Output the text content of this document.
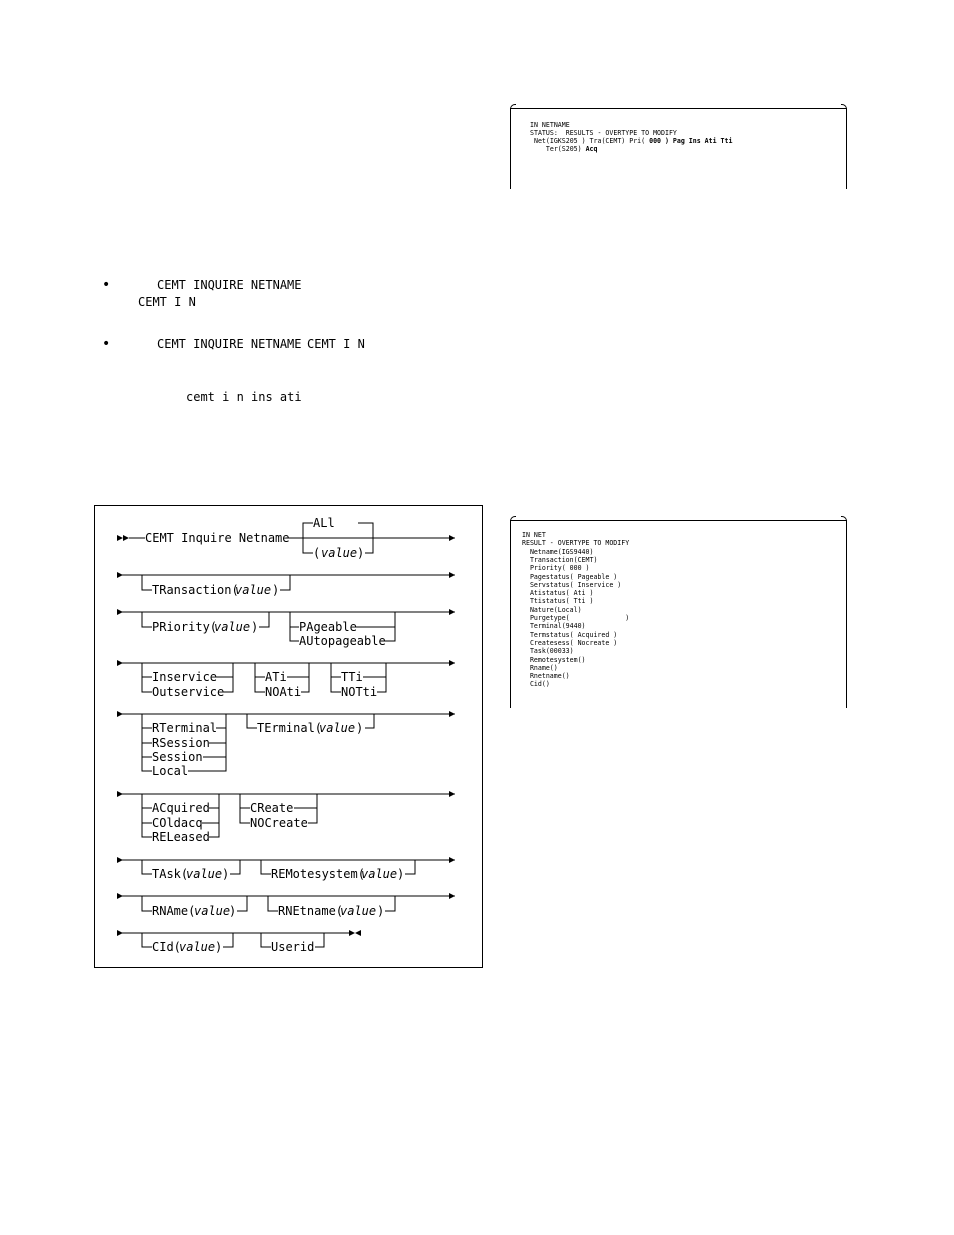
IN NETNAME
STATUS:  RESULTS - OVERTYPE TO MODIFY
Net(IGKS205 ) Tra(CEMT) Pri( 000 ) Pag Ins Ati Tti
Ter(S205) Acq
•	CEMT INQUIRE NETNAME
CEMT I N
•	CEMT INQUIRE NETNAME CEMT I N
cemt i n ins ati
CEMT Inquire Netname
ALl
( value )
TRansaction(
value )
PRiority(
value )	PAgeable
AUtopageable
Inservice
Outservice
ATi
NOAti
TTi
NOTti
RTerminal
RSession
Session
Local
TErminal(
value )
ACquired
COldacq
RELeased
CReate
NOCreate
TAsk(
value )	REMotesystem(
value )
RNAme(
value
)	RNEtname(
value )
CId(
value )	Userid
IN NET
RESULT - OVERTYPE TO MODIFY
Netname(IGS9440)
Transaction(CEMT)
Priority( 000 )
Pagestatus( Pageable )
Servstatus( Inservice )
Atistatus( Ati )
Ttistatus( Tti )
Nature(Local)
Purgetype(              )
Terminal(9440)
Termstatus( Acquired )
Createsess( Nocreate )
Task(00033)
Remotesystem()
Rname()
Rnetname()
Cid()
